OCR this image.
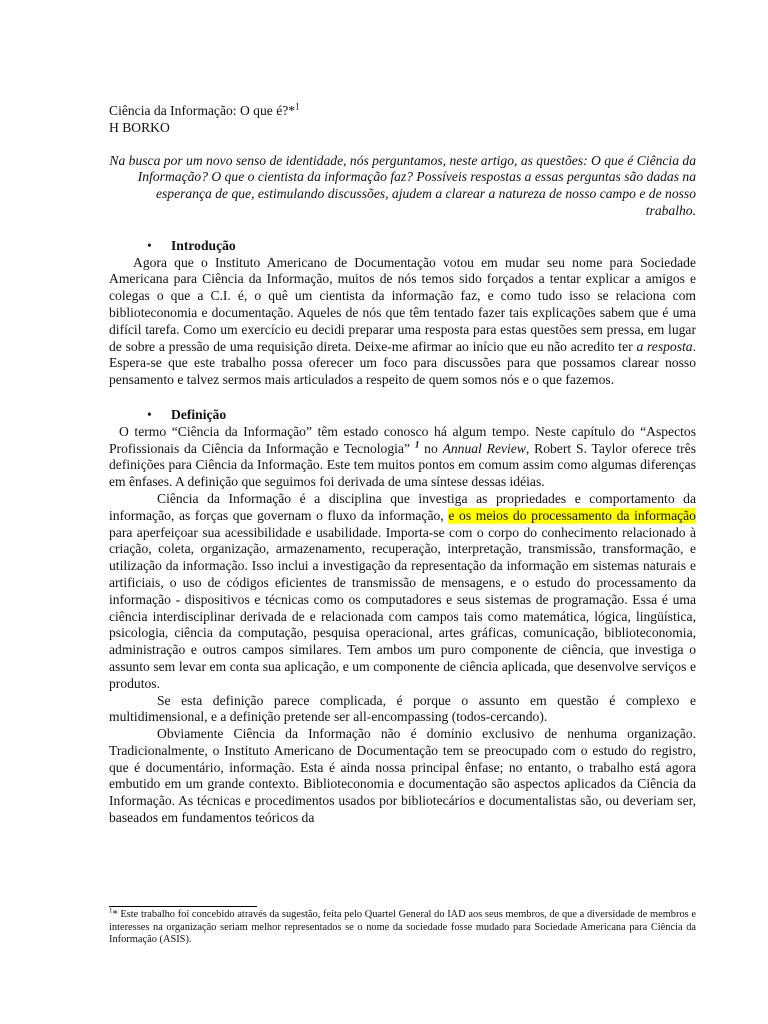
Ciência da Informação: O que é?*$^1$

H BORKO

Na busca por um novo senso de identidade, nós perguntamos, neste artigo, as questões: O que é Ciência da Informação? O que o cientista da informação faz? Possíveis respostas a essas perguntas são dadas na esperança de que, estimulando discussões, ajudem a clarear a natureza de nosso campo e de nosso trabalho.

• Introdução

Agora que o Instituto Americano de Documentação votou em mudar seu nome para Sociedade Americana para Ciência da Informação, muitos de nós temos sido forçados a tentar explicar a amigos e colegas o que a C.I. é, o quê um cientista da informação faz, e como tudo isso se relaciona com biblioteconomia e documentação. Aqueles de nós que têm tentado fazer tais explicações sabem que é uma difícil tarefa. Como um exercício eu decidi preparar uma resposta para estas questões sem pressa, em lugar de sobre a pressão de uma requisição direta. Deixe-me afirmar ao início que eu não acredito ter a resposta. Espera-se que este trabalho possa oferecer um foco para discussões para que possamos clarear nosso pensamento e talvez sermos mais articulados a respeito de quem somos nós e o que fazemos.

• Definição

O termo “Ciência da Informação” têm estado conosco há algum tempo. Neste capítulo do “Aspectos Profissionais da Ciência da Informação e Tecnologia” $^1$ no Annual Review, Robert S. Taylor oferece três definições para Ciência da Informação. Este tem muitos pontos em comum assim como algumas diferenças em ênfases. A definição que seguimos foi derivada de uma síntese dessas idéias.

Ciência da Informação é a disciplina que investiga as propriedades e comportamento da informação, as forças que governam o fluxo da informação, e os meios do processamento da informação para aperfeiçoar sua acessibilidade e usabilidade. Importa-se com o corpo do conhecimento relacionado à criação, coleta, organização, armazenamento, recuperação, interpretação, transmissão, transformação, e utilização da informação. Isso inclui a investigação da representação da informação em sistemas naturais e artificiais, o uso de códigos eficientes de transmissão de mensagens, e o estudo do processamento da informação - dispositivos e técnicas como os computadores e seus sistemas de programação. Essa é uma ciência interdisciplinar derivada de e relacionada com campos tais como matemática, lógica, lingüística, psicologia, ciência da computação, pesquisa operacional, artes gráficas, comunicação, biblioteconomia, administração e outros campos similares. Tem ambos um puro componente de ciência, que investiga o assunto sem levar em conta sua aplicação, e um componente de ciência aplicada, que desenvolve serviços e produtos.

Se esta definição parece complicada, é porque o assunto em questão é complexo e multidimensional, e a definição pretende ser all-encompassing (todos-cercando).

Obviamente Ciência da Informação não é domínio exclusivo de nenhuma organização. Tradicionalmente, o Instituto Americano de Documentação tem se preocupado com o estudo do registro, que é documentário, informação. Esta é ainda nossa principal ênfase; no entanto, o trabalho está agora embutido em um grande contexto. Biblioteconomia e documentação são aspectos aplicados da Ciência da Informação. As técnicas e procedimentos usados por bibliotecários e documentalistas são, ou deveriam ser, baseados em fundamentos teóricos da

$^1$* Este trabalho foi concebido através da sugestão, feita pelo Quartel General do IAD aos seus membros, de que a diversidade de membros e interesses na organização seriam melhor representados se o nome da sociedade fosse mudado para Sociedade Americana para Ciência da Informação (ASIS).
